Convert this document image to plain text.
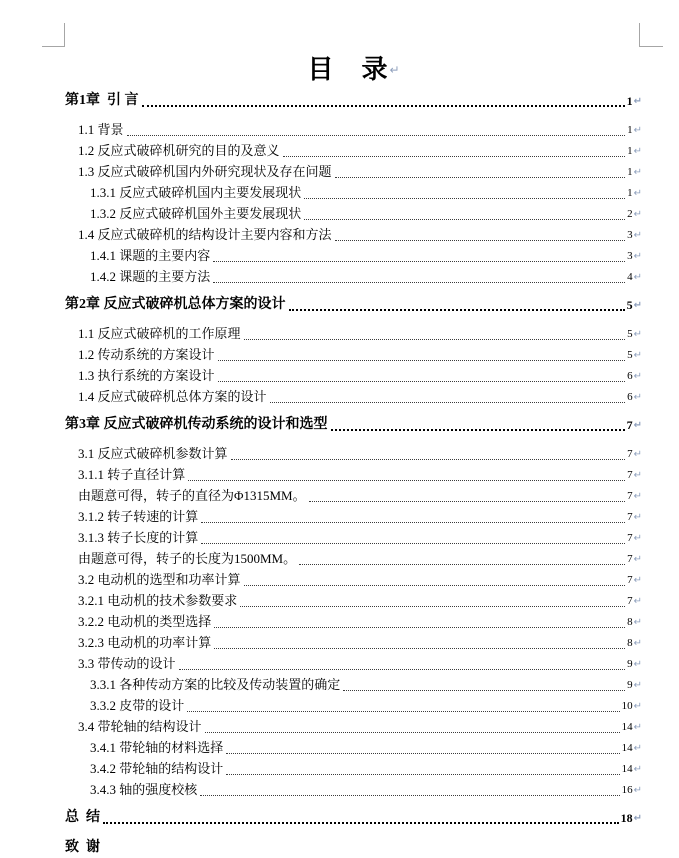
目　录↵
第1章  引 言	1 ↵
1.1 背景	1 ↵
1.2 反应式破碎机研究的目的及意义	1 ↵
1.3 反应式破碎机国内外研究现状及存在问题	1 ↵
1.3.1 反应式破碎机国内主要发展现状	1 ↵
1.3.2 反应式破碎机国外主要发展现状	2 ↵
1.4 反应式破碎机的结构设计主要内容和方法	3 ↵
1.4.1 课题的主要内容	3 ↵
1.4.2 课题的主要方法	4 ↵
第2章 反应式破碎机总体方案的设计	5 ↵
1.1 反应式破碎机的工作原理	5 ↵
1.2 传动系统的方案设计	5 ↵
1.3 执行系统的方案设计	6 ↵
1.4 反应式破碎机总体方案的设计	6 ↵
第3章 反应式破碎机传动系统的设计和选型	7 ↵
3.1 反应式破碎机参数计算	7 ↵
3.1.1 转子直径计算	7 ↵
由题意可得，转子的直径为Φ1315MM。	7 ↵
3.1.2 转子转速的计算	7 ↵
3.1.3 转子长度的计算	7 ↵
由题意可得，转子的长度为1500MM。	7 ↵
3.2 电动机的选型和功率计算	7 ↵
3.2.1 电动机的技术参数要求	7 ↵
3.2.2 电动机的类型选择	8 ↵
3.2.3 电动机的功率计算	8 ↵
3.3 带传动的设计	9 ↵
3.3.1 各种传动方案的比较及传动装置的确定	9 ↵
3.3.2 皮带的设计	10 ↵
3.4 带轮轴的结构设计	14 ↵
3.4.1 带轮轴的材料选择	14 ↵
3.4.2 带轮轴的结构设计	14 ↵
3.4.3 轴的强度校核	16 ↵
总  结	18 ↵
致  谢
